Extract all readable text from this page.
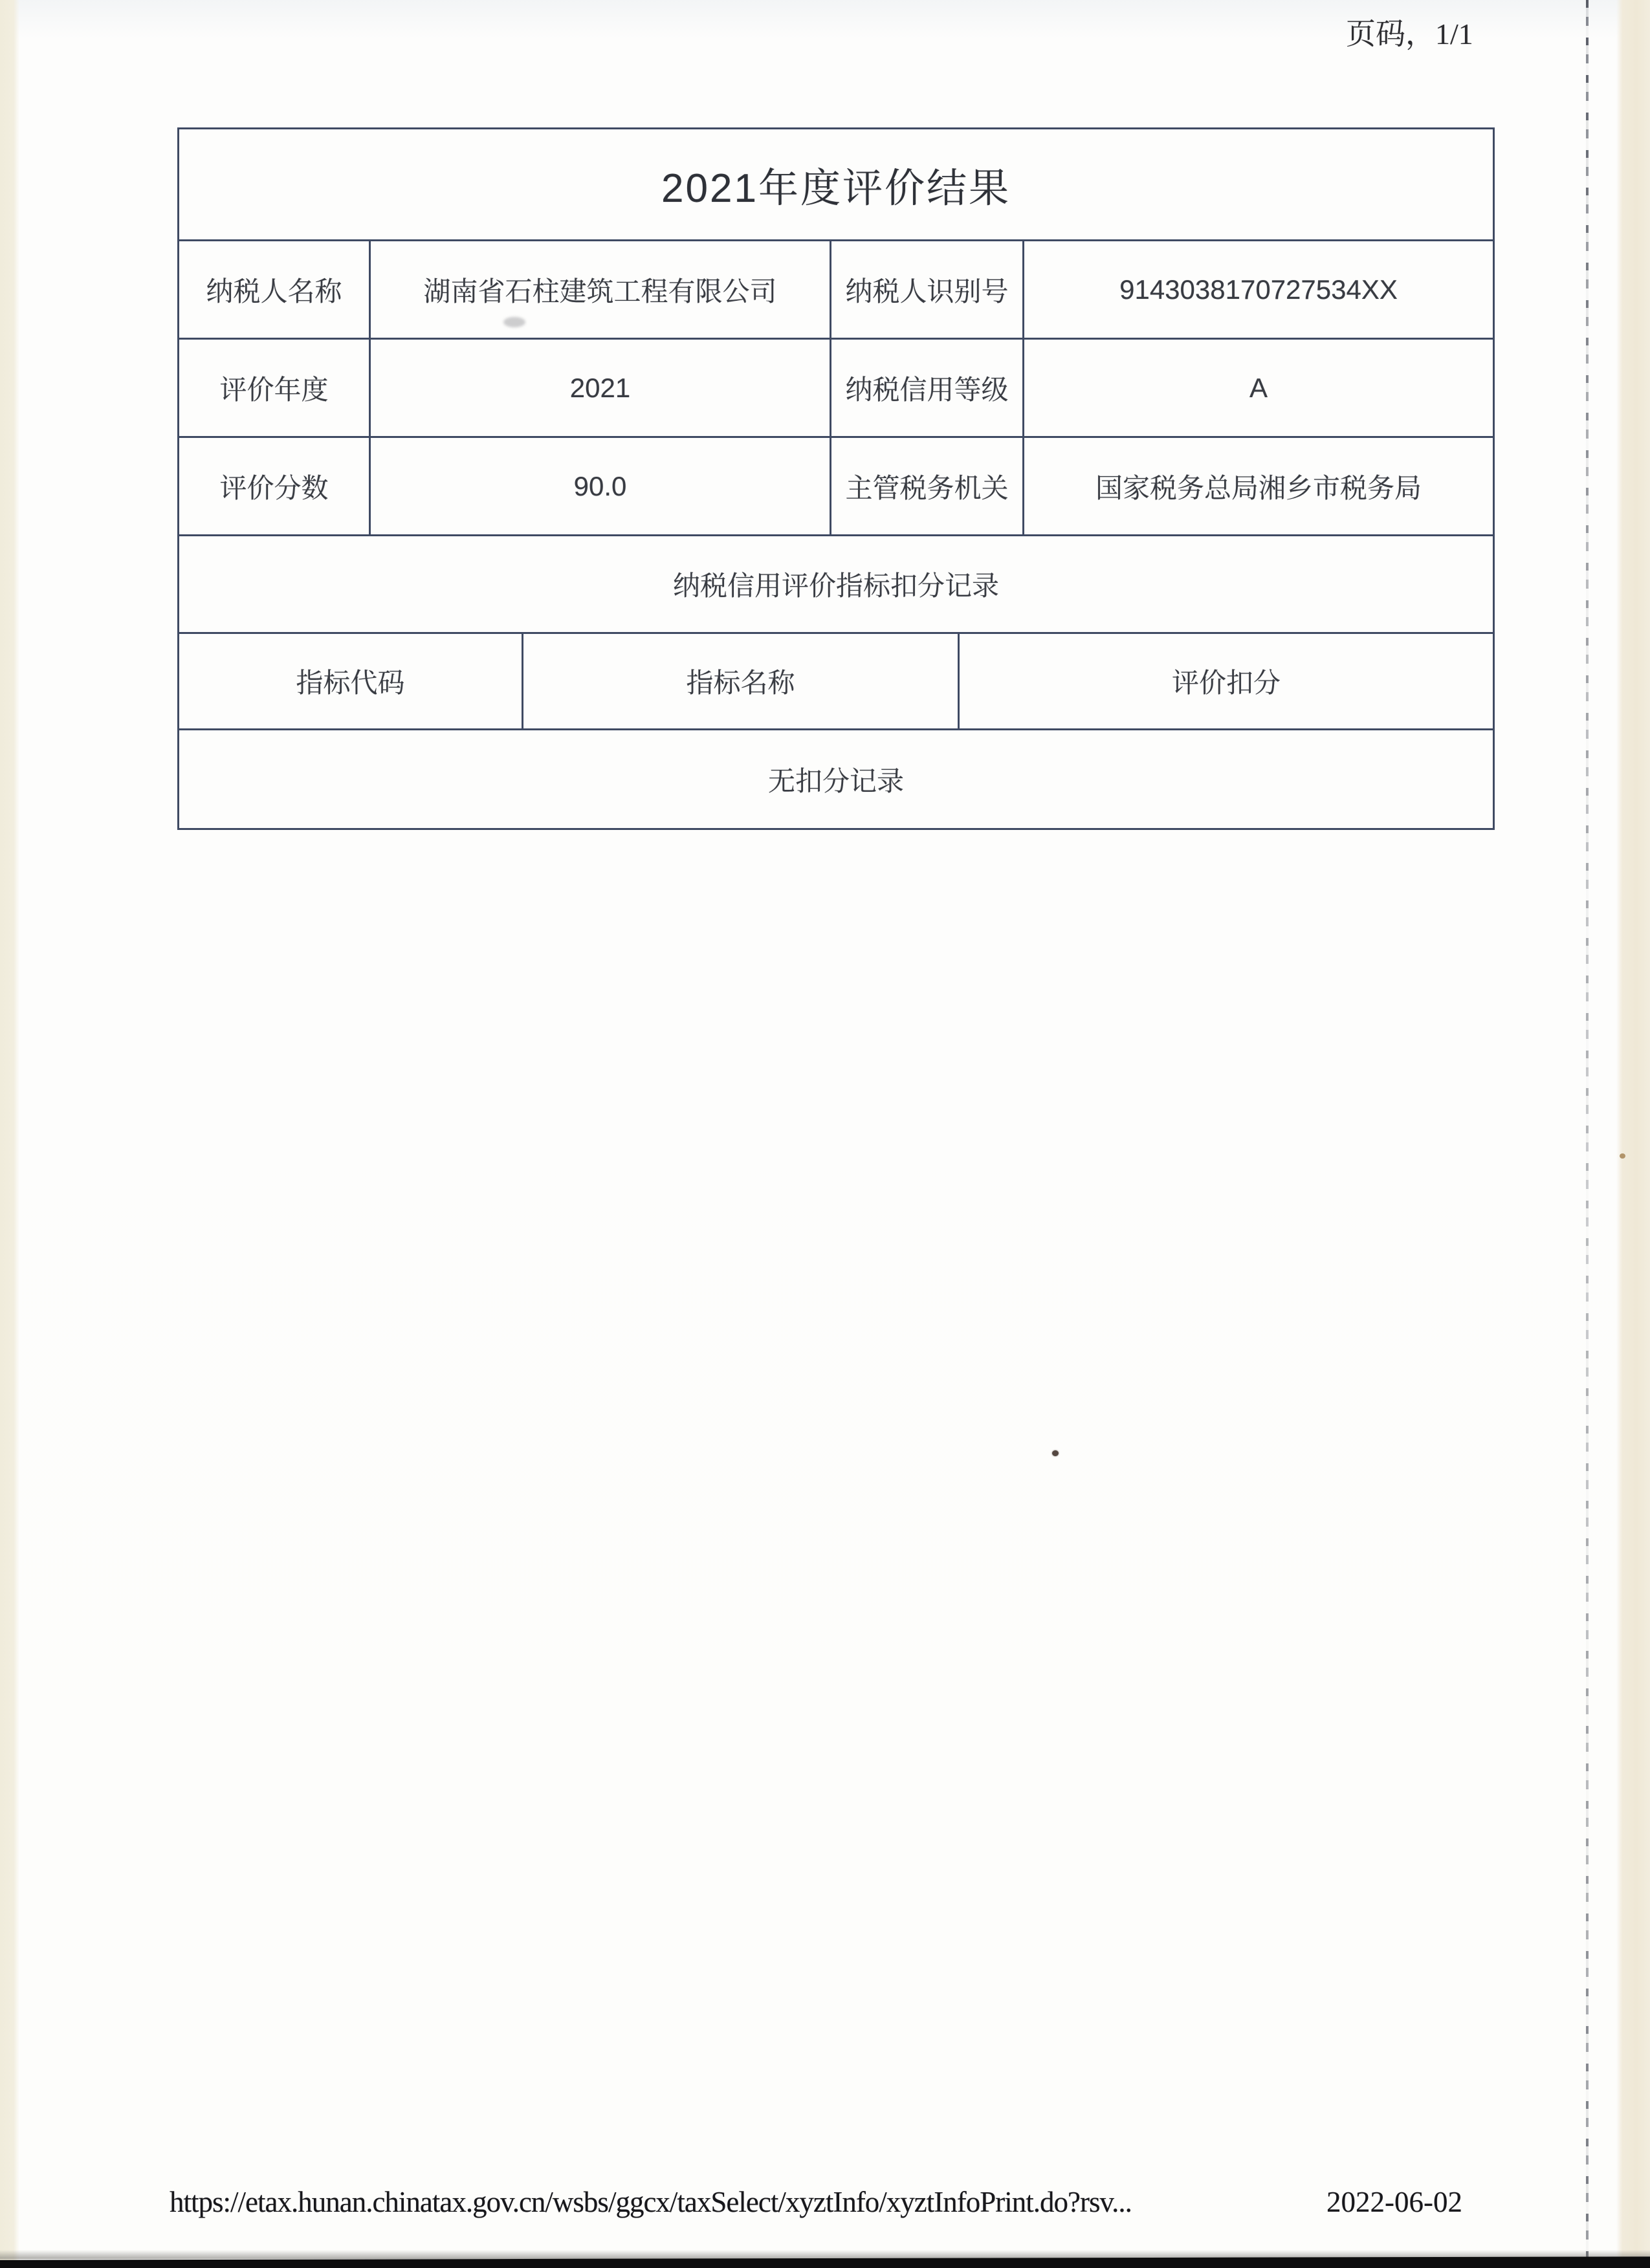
页码，1/1
2021年度评价结果
纳税人名称	湖南省石柱建筑工程有限公司	纳税人识别号	9143038170727534XX
评价年度	2021	纳税信用等级	A
评价分数	90.0	主管税务机关	国家税务总局湘乡市税务局
纳税信用评价指标扣分记录
指标代码	指标名称	评价扣分
无扣分记录
https://etax.hunan.chinatax.gov.cn/wsbs/ggcx/taxSelect/xyztInfo/xyztInfoPrint.do?rsv...	2022-06-02
